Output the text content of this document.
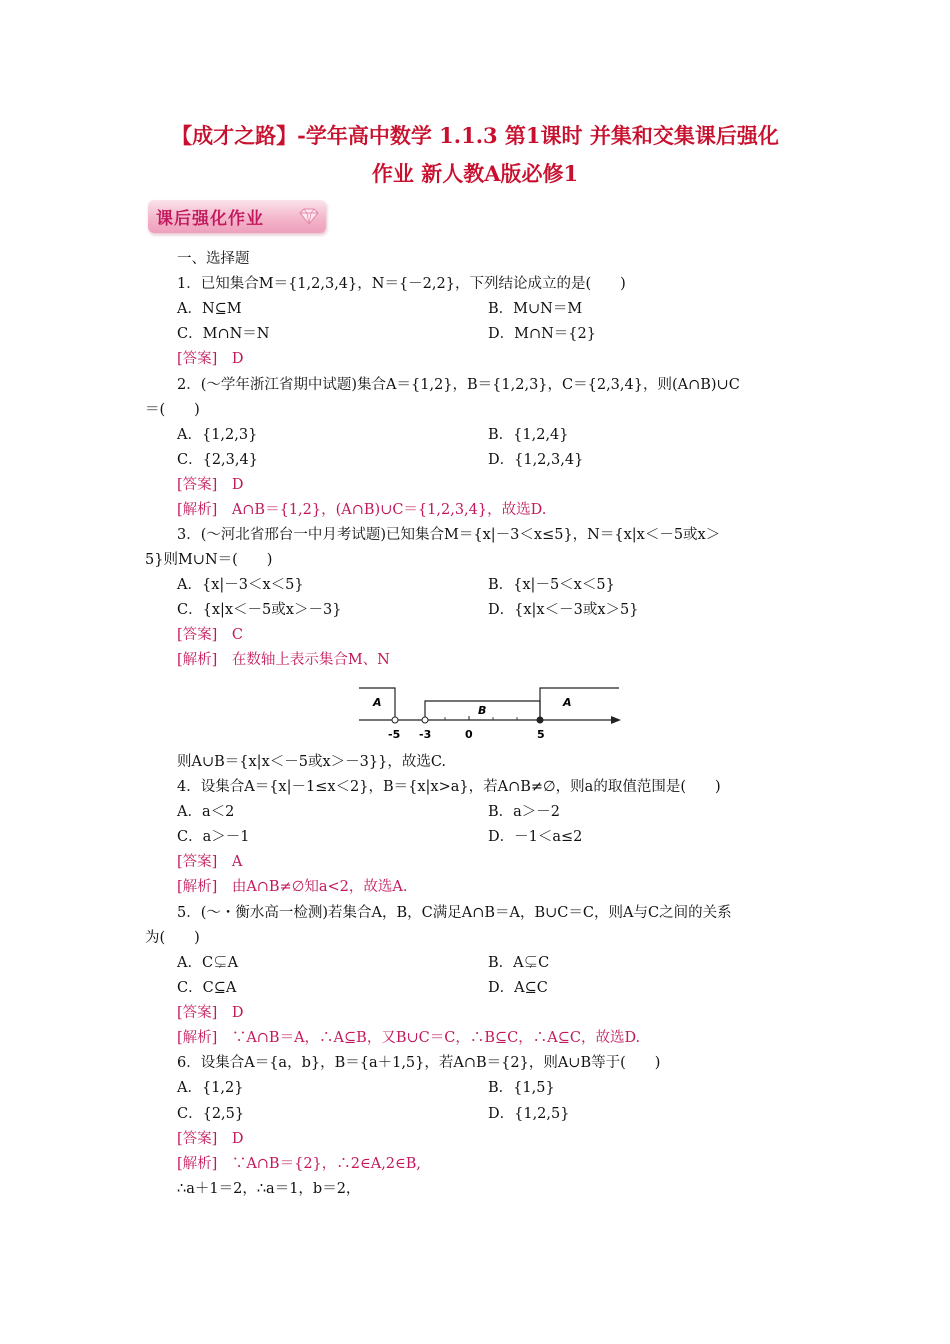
【成才之路】-学年高中数学 1.1.3 第1课时 并集和交集课后强化
作业 新人教A版必修1
课后强化作业
一、选择题
1．已知集合M＝{1,2,3,4}，N＝{－2,2}，下列结论成立的是(　　)
A．N⊆M	B．M∪N＝M
C．M∩N＝N	D．M∩N＝{2}
[答案]　D
2．(～学年浙江省期中试题)集合A＝{1,2}，B＝{1,2,3}，C＝{2,3,4}，则(A∩B)∪C
＝(　　)
A．{1,2,3}	B．{1,2,4}
C．{2,3,4}	D．{1,2,3,4}
[答案]　D
[解析]　A∩B＝{1,2}，(A∩B)∪C＝{1,2,3,4}，故选D.
3．(～河北省邢台一中月考试题)已知集合M＝{x|－3＜x≤5}，N＝{x|x＜－5或x＞
5}则M∪N＝(　　)
A．{x|－3＜x＜5}	B．{x|－5＜x＜5}
C．{x|x＜－5或x＞－3}	D．{x|x＜－3或x＞5}
[答案]　C
[解析]　在数轴上表示集合M、N
A
B
A
-5 -3	0	5
则A∪B＝{x|x＜－5或x＞－3}}，故选C.
4．设集合A＝{x|－1≤x＜2}，B＝{x|x>a}，若A∩B≠∅，则a的取值范围是(　　)
A．a＜2	B．a＞－2
C．a＞－1	D．－1＜a≤2
[答案]　A
[解析]　由A∩B≠∅知a<2，故选A.
5．(～・衡水高一检测)若集合A，B，C满足A∩B＝A，B∪C＝C，则A与C之间的关系
为(　　)
A．C⊊A	B．A⊊C
C．C⊆A	D．A⊆C
[答案]　D
[解析]　∵A∩B＝A，∴A⊆B，又B∪C＝C，∴B⊆C，∴A⊆C，故选D.
6．设集合A＝{a，b}，B＝{a＋1,5}，若A∩B＝{2}，则A∪B等于(　　)
A．{1,2}	B．{1,5}
C．{2,5}	D．{1,2,5}
[答案]　D
[解析]　∵A∩B＝{2}，∴2∈A,2∈B,
∴a＋1＝2，∴a＝1，b＝2，
